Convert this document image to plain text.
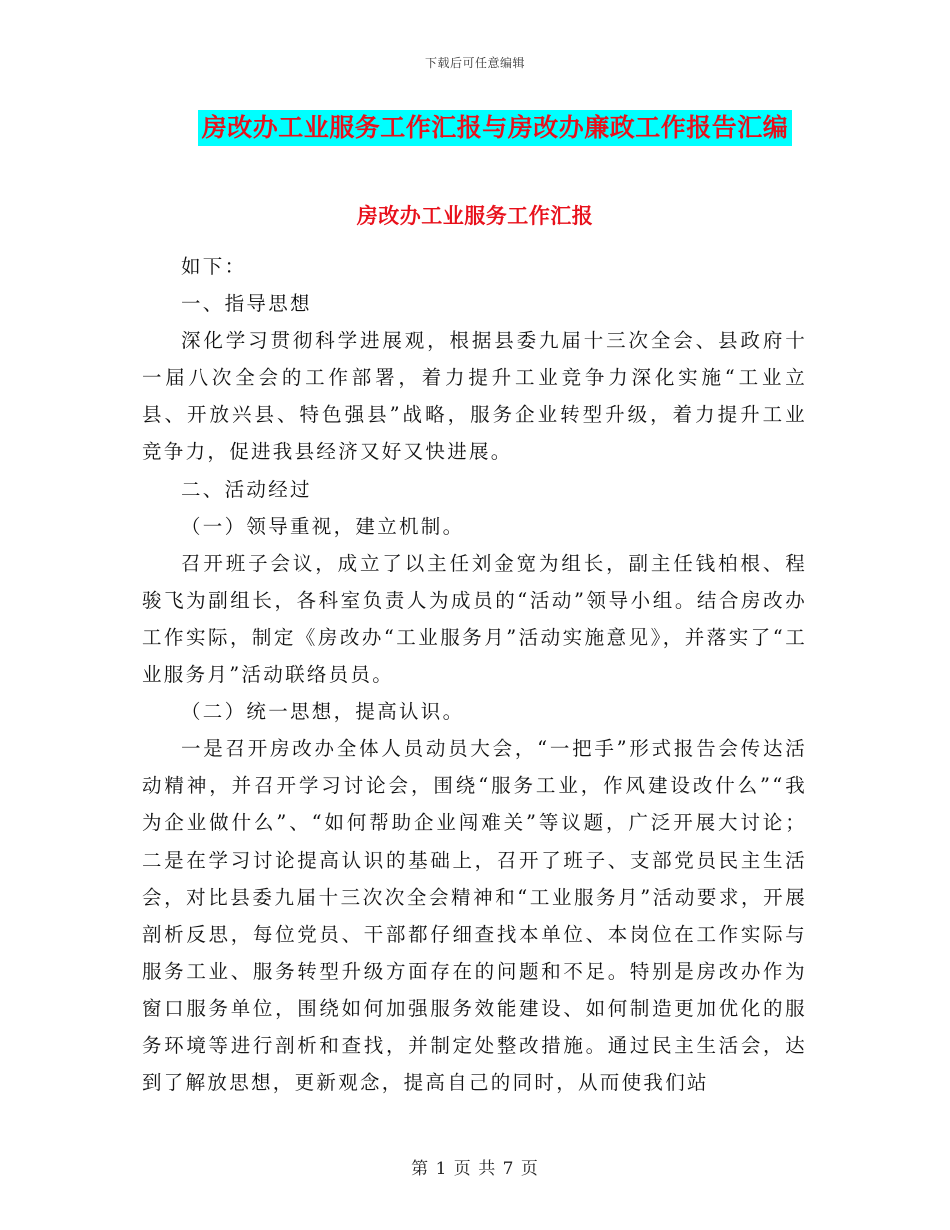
下载后可任意编辑
房改办工业服务工作汇报与房改办廉政工作报告汇编
房改办工业服务工作汇报

如下：

一、指导思想

深化学习贯彻科学进展观，根据县委九届十三次全会、县政府十一届八次全会的工作部署，着力提升工业竞争力深化实施“工业立县、开放兴县、特色强县”战略，服务企业转型升级，着力提升工业竞争力，促进我县经济又好又快进展。

二、活动经过

（一）领导重视，建立机制。

召开班子会议，成立了以主任刘金宽为组长，副主任钱柏根、程骏飞为副组长，各科室负责人为成员的“活动”领导小组。结合房改办工作实际，制定《房改办“工业服务月”活动实施意见》，并落实了“工业服务月”活动联络员员。

（二）统一思想，提高认识。

一是召开房改办全体人员动员大会，“一把手”形式报告会传达活动精神，并召开学习讨论会，围绕“服务工业，作风建设改什么”“我为企业做什么”、“如何帮助企业闯难关”等议题，广泛开展大讨论；二是在学习讨论提高认识的基础上，召开了班子、支部党员民主生活会，对比县委九届十三次次全会精神和“工业服务月”活动要求，开展剖析反思，每位党员、干部都仔细查找本单位、本岗位在工作实际与服务工业、服务转型升级方面存在的问题和不足。特别是房改办作为窗口服务单位，围绕如何加强服务效能建设、如何制造更加优化的服务环境等进行剖析和查找，并制定处整改措施。通过民主生活会，达到了解放思想，更新观念，提高自己的同时，从而使我们站

第 1 页 共 7 页
